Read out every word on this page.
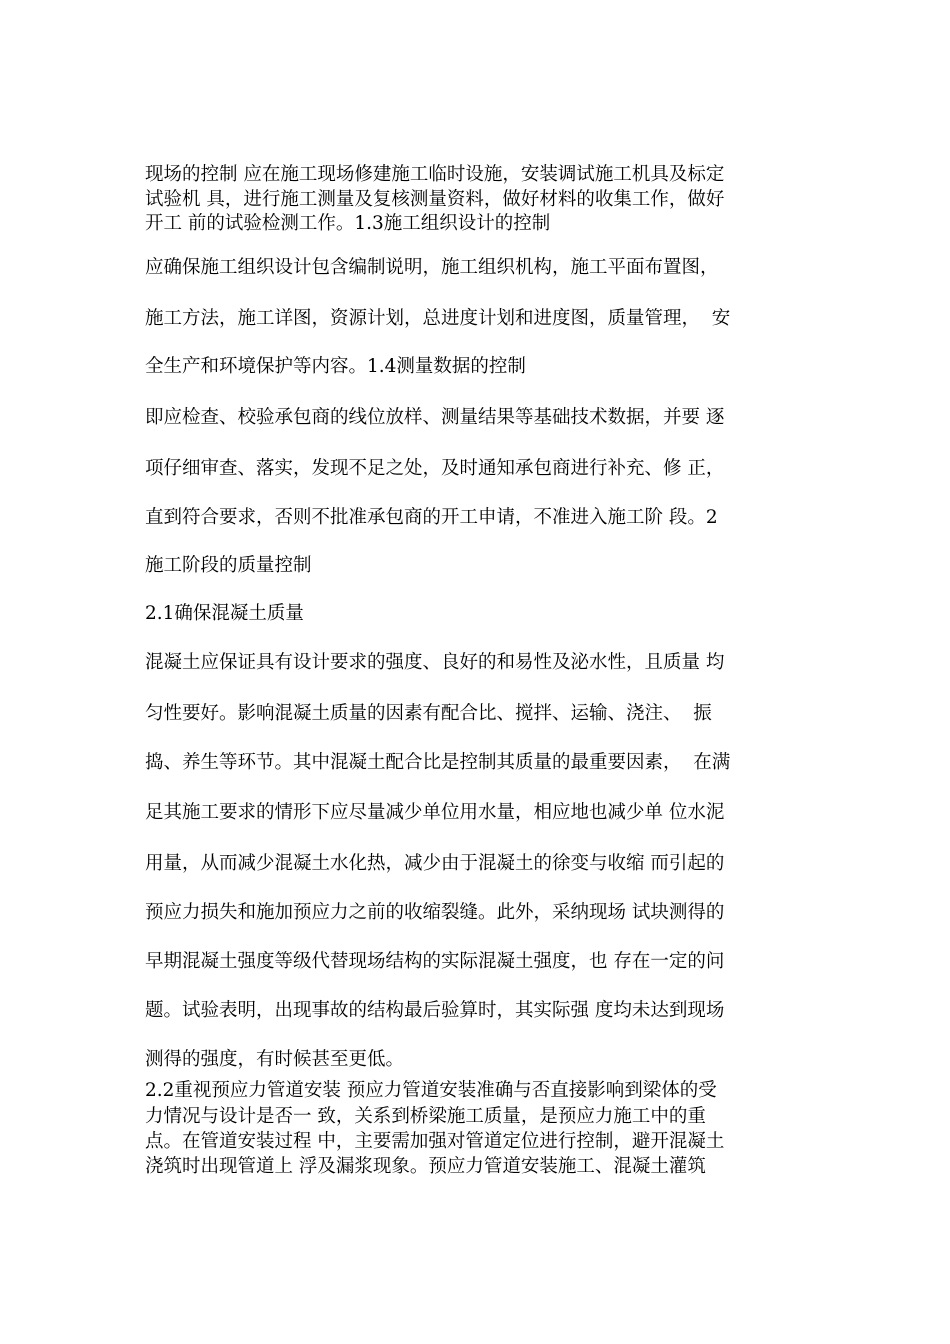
现场的控制 应在施工现场修建施工临时设施，安装调试施工机具及标定
试验机 具，进行施工测量及复核测量资料，做好材料的收集工作，做好
开工 前的试验检测工作。1.3施工组织设计的控制
应确保施工组织设计包含编制说明，施工组织机构，施工平面布置图，
施工方法，施工详图，资源计划，总进度计划和进度图，质量管理，  安
全生产和环境保护等内容。1.4测量数据的控制
即应检查、校验承包商的线位放样、测量结果等基础技术数据，并要 逐
项仔细审查、落实，发现不足之处，及时通知承包商进行补充、修 正，
直到符合要求，否则不批准承包商的开工申请，不准进入施工阶 段。2
施工阶段的质量控制
2.1确保混凝土质量
混凝土应保证具有设计要求的强度、良好的和易性及泌水性，且质量 均
匀性要好。影响混凝土质量的因素有配合比、搅拌、运输、浇注、  振
捣、养生等环节。其中混凝土配合比是控制其质量的最重要因素，  在满
足其施工要求的情形下应尽量减少单位用水量，相应地也减少单 位水泥
用量，从而减少混凝土水化热，减少由于混凝土的徐变与收缩 而引起的
预应力损失和施加预应力之前的收缩裂缝。此外，采纳现场 试块测得的
早期混凝土强度等级代替现场结构的实际混凝土强度，也 存在一定的问
题。试验表明，出现事故的结构最后验算时，其实际强 度均未达到现场
测得的强度，有时候甚至更低。
2.2重视预应力管道安装 预应力管道安装准确与否直接影响到梁体的受
力情况与设计是否一 致，关系到桥梁施工质量，是预应力施工中的重
点。在管道安装过程 中，主要需加强对管道定位进行控制，避开混凝土
浇筑时出现管道上 浮及漏浆现象。预应力管道安装施工、混凝土灌筑
